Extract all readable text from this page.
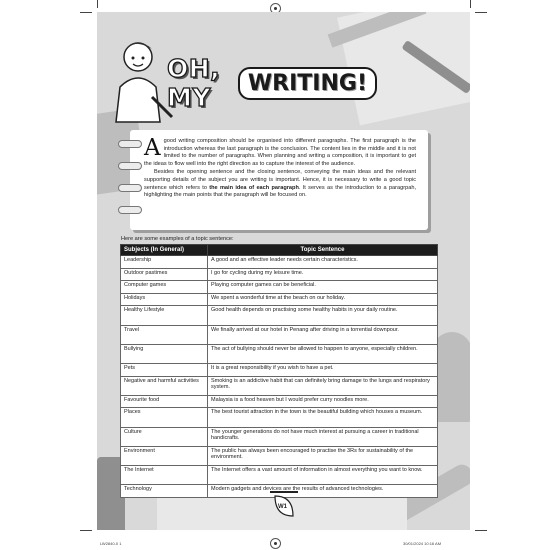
OH, MY	WRITING!

Agood writing composition should be organised into different paragraphs. The first paragraph is the introduction whereas the last paragraph is the conclusion. The content lies in the middle and it is not limited to the number of paragraphs. When planning and writing a composition, it is important to get the ideas to flow well into the right direction as to capture the interest of the audience.

Besides the opening sentence and the closing sentence, conveying the main ideas and the relevant supporting details of the subject you are writing is important. Hence, it is necessary to write a good topic sentence which refers to the main idea of each paragraph. It serves as the introduction to a paragrpah, highlighting the main points that the paragraph will be focused on.

Here are some examples of a topic sentence:
Subjects (In General)	Topic Sentence
Leadership	A good and an effective leader needs certain characteristics.
Outdoor pastimes	I go for cycling during my leisure time.
Computer games	Playing computer games can be beneficial.
Holidays	We spent a wonderful time at the beach on our holiday.
Healthy Lifestyle	Good health depends on practising some healthy habits in your daily routine.
Travel	We finally arrived at our hotel in Penang after driving in a torrential downpour.
Bullying	The act of bullying should never be allowed to happen to anyone, especially children.
Pets	It is a great responsibility if you wish to have a pet.
Negative and harmful activities	Smoking is an addictive habit that can definitely bring damage to the lungs and respiratory system.
Favourite food	Malaysia is a food heaven but I would prefer curry noodles more.
Places	The best tourist attraction in the town is the beautiful building which houses a museum.
Culture	The younger generations do not have much interest at pursuing a career in traditional handicrafts.
Environment	The public has always been encouraged to practise the 3Rs for sustainability of the environment.
The Internet	The Internet offers a vast amount of information in almost everything you want to know.
Technology	Modern gadgets and devices are the results of advanced technologies.
W1
LW2840-0 1	30/01/2024 10:16 AM
